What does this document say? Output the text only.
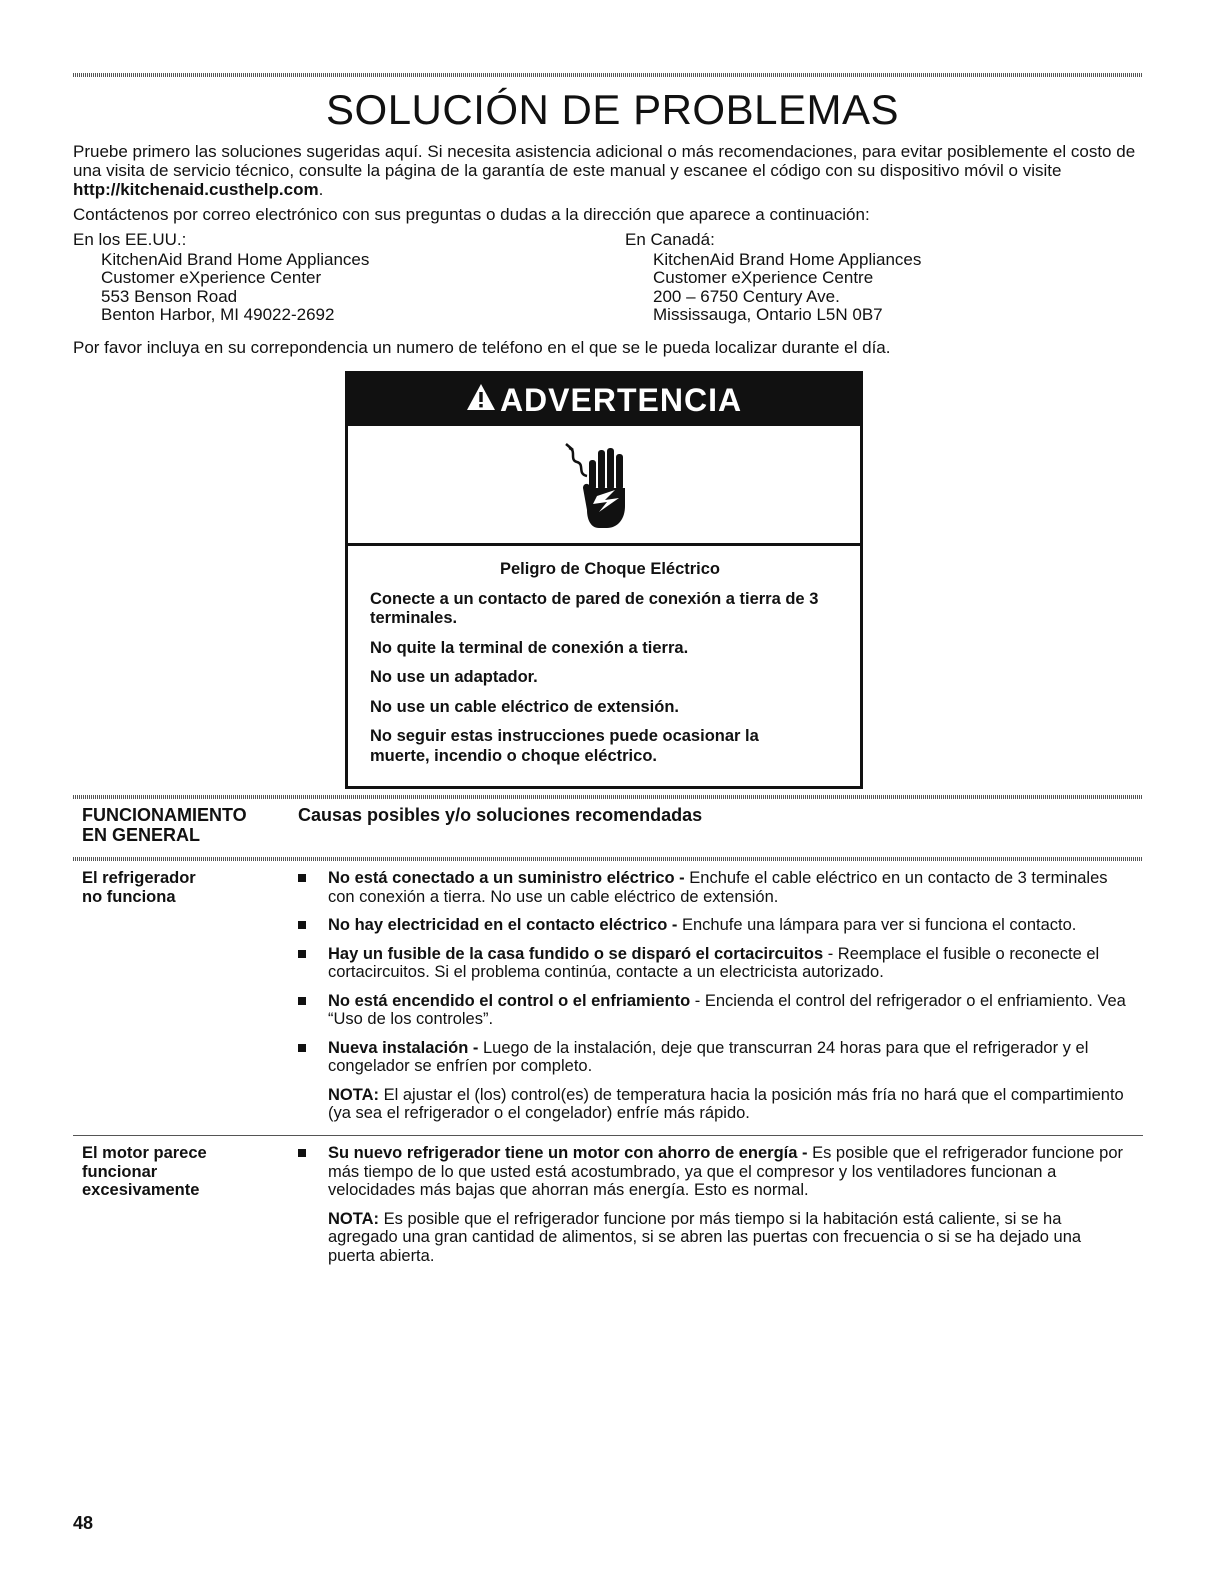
SOLUCIÓN DE PROBLEMAS

Pruebe primero las soluciones sugeridas aquí. Si necesita asistencia adicional o más recomendaciones, para evitar posiblemente el costo de una visita de servicio técnico, consulte la página de la garantía de este manual y escanee el código con su dispositivo móvil o visite http://kitchenaid.custhelp.com.

Contáctenos por correo electrónico con sus preguntas o dudas a la dirección que aparece a continuación:

En los EE.UU.:
KitchenAid Brand Home Appliances
Customer eXperience Center
553 Benson Road
Benton Harbor, MI 49022-2692
En Canadá:
KitchenAid Brand Home Appliances
Customer eXperience Centre
200 – 6750 Century Ave.
Mississauga, Ontario L5N 0B7

Por favor incluya en su correpondencia un numero de teléfono en el que se le pueda localizar durante el día.

ADVERTENCIA
Peligro de Choque Eléctrico

Conecte a un contacto de pared de conexión a tierra de 3 terminales.

No quite la terminal de conexión a tierra.

No use un adaptador.

No use un cable eléctrico de extensión.

No seguir estas instrucciones puede ocasionar la muerte, incendio o choque eléctrico.

FUNCIONAMIENTO
EN GENERAL
Causas posibles y/o soluciones recomendadas
El refrigerador
no funciona
No está conectado a un suministro eléctrico - Enchufe el cable eléctrico en un contacto de 3 terminales con conexión a tierra. No use un cable eléctrico de extensión.
No hay electricidad en el contacto eléctrico - Enchufe una lámpara para ver si funciona el contacto.
Hay un fusible de la casa fundido o se disparó el cortacircuitos - Reemplace el fusible o reconecte el cortacircuitos. Si el problema continúa, contacte a un electricista autorizado.
No está encendido el control o el enfriamiento - Encienda el control del refrigerador o el enfriamiento. Vea “Uso de los controles”.
Nueva instalación - Luego de la instalación, deje que transcurran 24 horas para que el refrigerador y el congelador se enfríen por completo.
NOTA: El ajustar el (los) control(es) de temperatura hacia la posición más fría no hará que el compartimiento (ya sea el refrigerador o el congelador) enfríe más rápido.
El motor parece
funcionar
excesivamente
Su nuevo refrigerador tiene un motor con ahorro de energía - Es posible que el refrigerador funcione por más tiempo de lo que usted está acostumbrado, ya que el compresor y los ventiladores funcionan a velocidades más bajas que ahorran más energía. Esto es normal.
NOTA: Es posible que el refrigerador funcione por más tiempo si la habitación está caliente, si se ha agregado una gran cantidad de alimentos, si se abren las puertas con frecuencia o si se ha dejado una puerta abierta.
48
